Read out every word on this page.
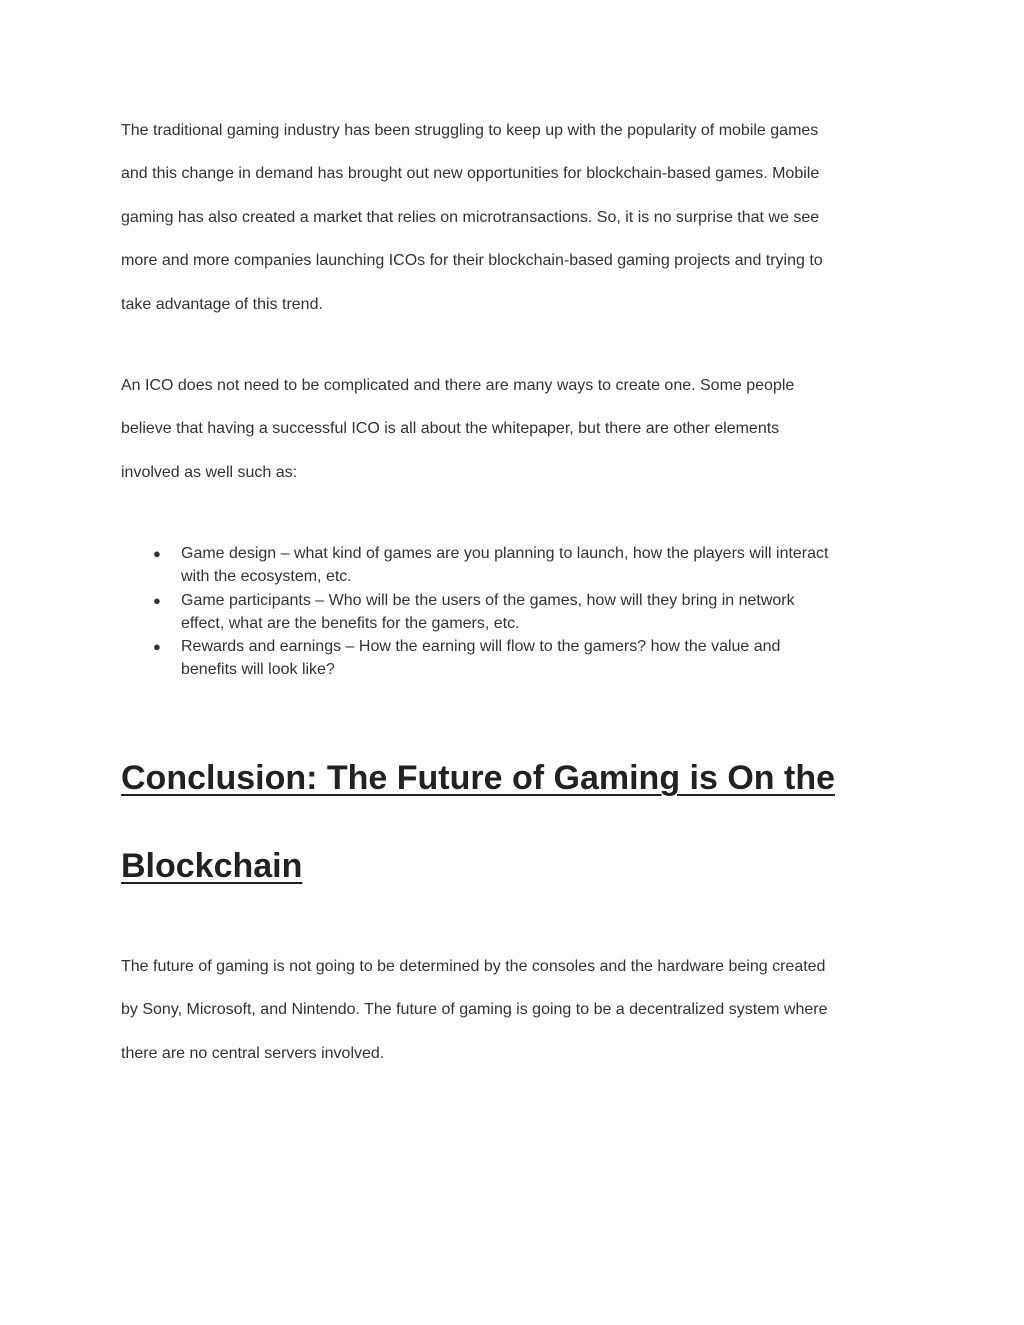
The traditional gaming industry has been struggling to keep up with the popularity of mobile games
and this change in demand has brought out new opportunities for blockchain-based games. Mobile
gaming has also created a market that relies on microtransactions. So, it is no surprise that we see
more and more companies launching ICOs for their blockchain-based gaming projects and trying to
take advantage of this trend.

An ICO does not need to be complicated and there are many ways to create one. Some people
believe that having a successful ICO is all about the whitepaper, but there are other elements
involved as well such as:

● Game design – what kind of games are you planning to launch, how the players will interact
with the ecosystem, etc.
● Game participants – Who will be the users of the games, how will they bring in network
effect, what are the benefits for the gamers, etc.
● Rewards and earnings – How the earning will flow to the gamers? how the value and
benefits will look like?
Conclusion: The Future of Gaming is On the
Blockchain

The future of gaming is not going to be determined by the consoles and the hardware being created
by Sony, Microsoft, and Nintendo. The future of gaming is going to be a decentralized system where
there are no central servers involved.
